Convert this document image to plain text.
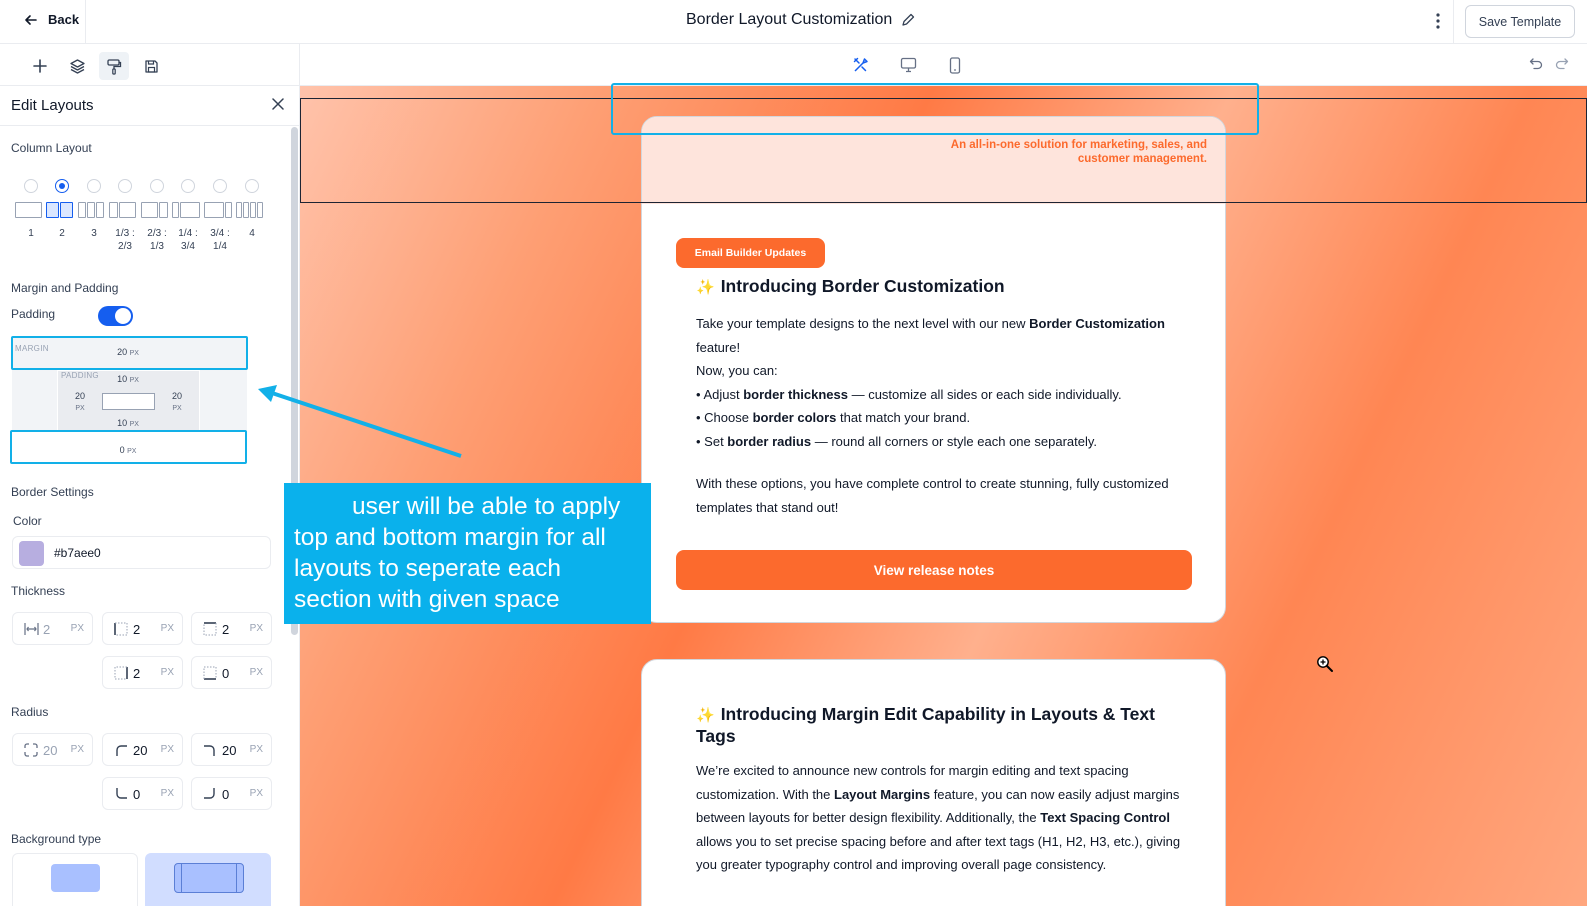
Back	Border Layout Customization	Save Template
Edit Layouts
Column Layout
1	2	3	1/3 :
2/3
2/3 :
1/3
1/4 :
3/4
3/4 :
1/4
4
Margin and Padding
Padding
MARGIN	20 PX
PADDING	10 PX
20
PX
20
PX
10 PX
0 PX
Border Settings
Color
#b7aee0
Thickness
2 PX	2 PX	2 PX
2 PX	0 PX
Radius
20 PX	20 PX	20 PX
0 PX	0 PX
Background type
An all-in-one solution for marketing, sales, and customer management.
Email Builder Updates
✨ Introducing Border Customization
Take your template designs to the next level with our new Border Customization feature!
Now, you can:
• Adjust border thickness — customize all sides or each side individually.
• Choose border colors that match your brand.
• Set border radius — round all corners or style each one separately.
With these options, you have complete control to create stunning, fully customized templates that stand out!
View release notes
✨ Introducing Margin Edit Capability in Layouts & Text Tags
We’re excited to announce new controls for margin editing and text spacing customization. With the Layout Margins feature, you can now easily adjust margins between layouts for better design flexibility. Additionally, the Text Spacing Control allows you to set precise spacing before and after text tags (H1, H2, H3, etc.), giving you greater typography control and improving overall page consistency.
user will be able to apply top and bottom margin for all layouts to seperate each section with given space
